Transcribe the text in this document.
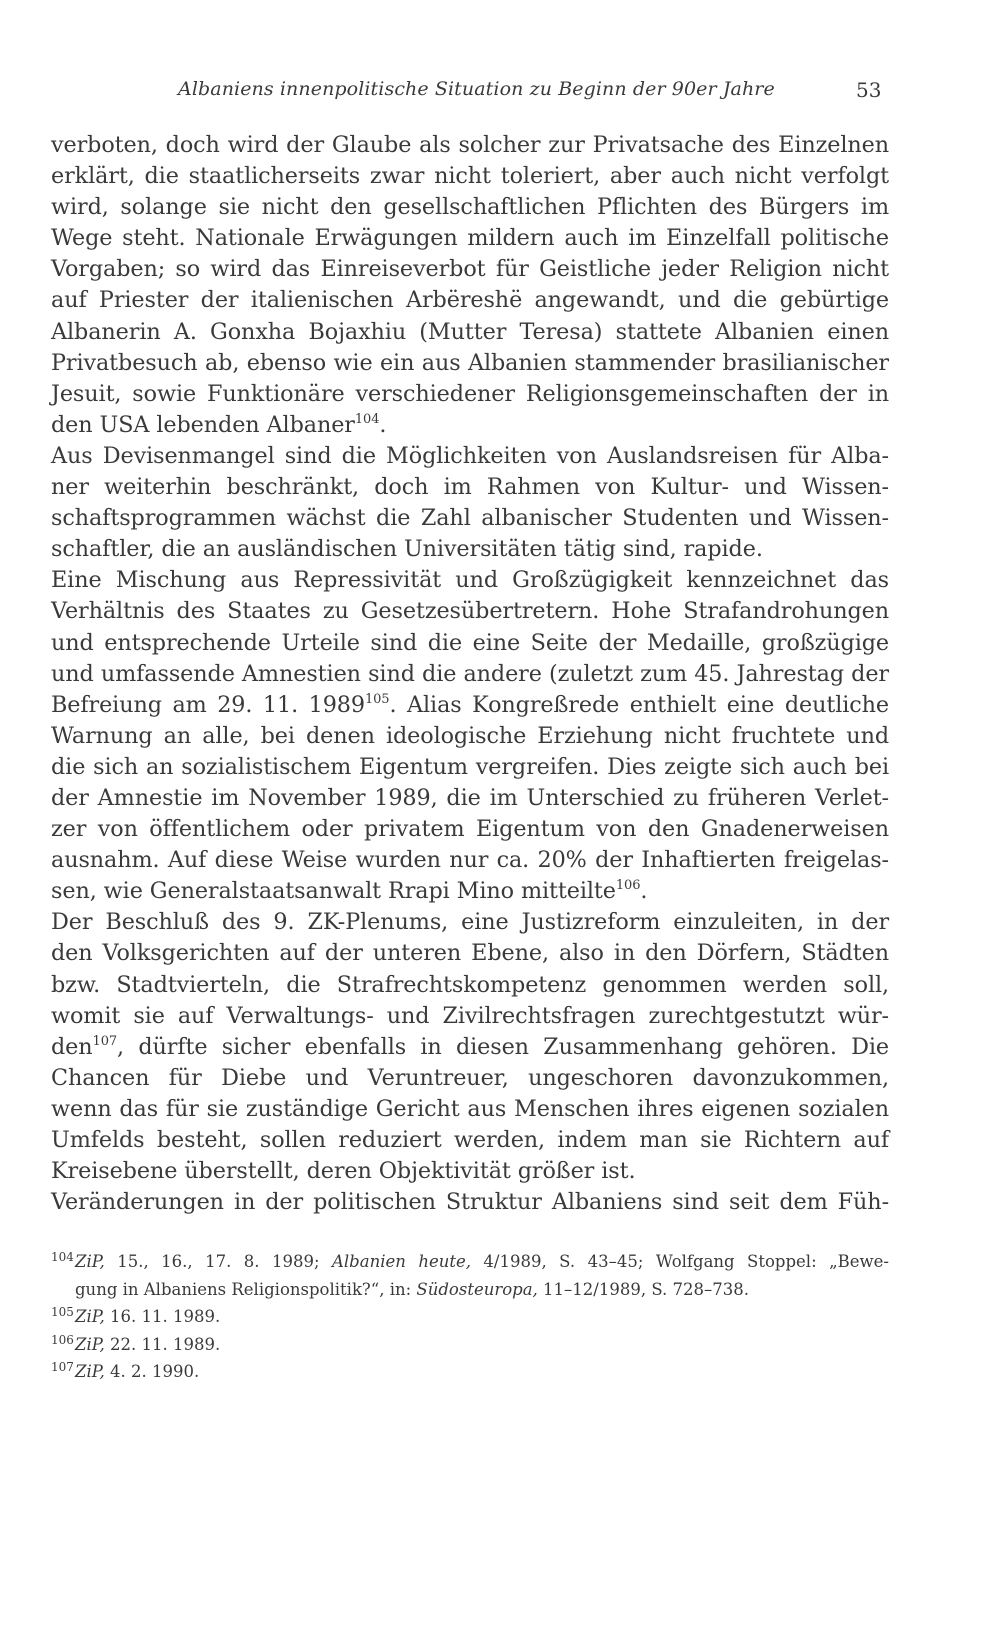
Albaniens innenpolitische Situation zu Beginn der 90er Jahre	53
verboten, doch wird der Glaube als solcher zur Privatsache des Einzelnen
erklärt, die staatlicherseits zwar nicht toleriert, aber auch nicht verfolgt
wird, solange sie nicht den gesellschaftlichen Pflichten des Bürgers im
Wege steht. Nationale Erwägungen mildern auch im Einzelfall politische
Vorgaben; so wird das Einreiseverbot für Geistliche jeder Religion nicht
auf Priester der italienischen Arbëreshë angewandt, und die gebürtige
Albanerin A. Gonxha Bojaxhiu (Mutter Teresa) stattete Albanien einen
Privatbesuch ab, ebenso wie ein aus Albanien stammender brasilianischer
Jesuit, sowie Funktionäre verschiedener Religionsgemeinschaften der in
den USA lebenden Albaner$^{104}$.
Aus Devisenmangel sind die Möglichkeiten von Auslandsreisen für Alba-
ner weiterhin beschränkt, doch im Rahmen von Kultur- und Wissen-
schaftsprogrammen wächst die Zahl albanischer Studenten und Wissen-
schaftler, die an ausländischen Universitäten tätig sind, rapide.
Eine Mischung aus Repressivität und Großzügigkeit kennzeichnet das
Verhältnis des Staates zu Gesetzesübertretern. Hohe Strafandrohungen
und entsprechende Urteile sind die eine Seite der Medaille, großzügige
und umfassende Amnestien sind die andere (zuletzt zum 45. Jahrestag der
Befreiung am 29. 11. 1989$^{105}$. Alias Kongreßrede enthielt eine deutliche
Warnung an alle, bei denen ideologische Erziehung nicht fruchtete und
die sich an sozialistischem Eigentum vergreifen. Dies zeigte sich auch bei
der Amnestie im November 1989, die im Unterschied zu früheren Verlet-
zer von öffentlichem oder privatem Eigentum von den Gnadenerweisen
ausnahm. Auf diese Weise wurden nur ca. 20% der Inhaftierten freigelas-
sen, wie Generalstaatsanwalt Rrapi Mino mitteilte$^{106}$.
Der Beschluß des 9. ZK-Plenums, eine Justizreform einzuleiten, in der
den Volksgerichten auf der unteren Ebene, also in den Dörfern, Städten
bzw. Stadtvierteln, die Strafrechtskompetenz genommen werden soll,
womit sie auf Verwaltungs- und Zivilrechtsfragen zurechtgestutzt wür-
den$^{107}$, dürfte sicher ebenfalls in diesen Zusammenhang gehören. Die
Chancen für Diebe und Veruntreuer, ungeschoren davonzukommen,
wenn das für sie zuständige Gericht aus Menschen ihres eigenen sozialen
Umfelds besteht, sollen reduziert werden, indem man sie Richtern auf
Kreisebene überstellt, deren Objektivität größer ist.
Veränderungen in der politischen Struktur Albaniens sind seit dem Füh-
104ZiP, 15., 16., 17. 8. 1989; Albanien heute, 4/1989, S. 43–45; Wolfgang Stoppel: „Bewe-
gung in Albaniens Religionspolitik?“, in: Südosteuropa, 11–12/1989, S. 728–738.
105ZiP, 16. 11. 1989.
106ZiP, 22. 11. 1989.
107ZiP, 4. 2. 1990.
